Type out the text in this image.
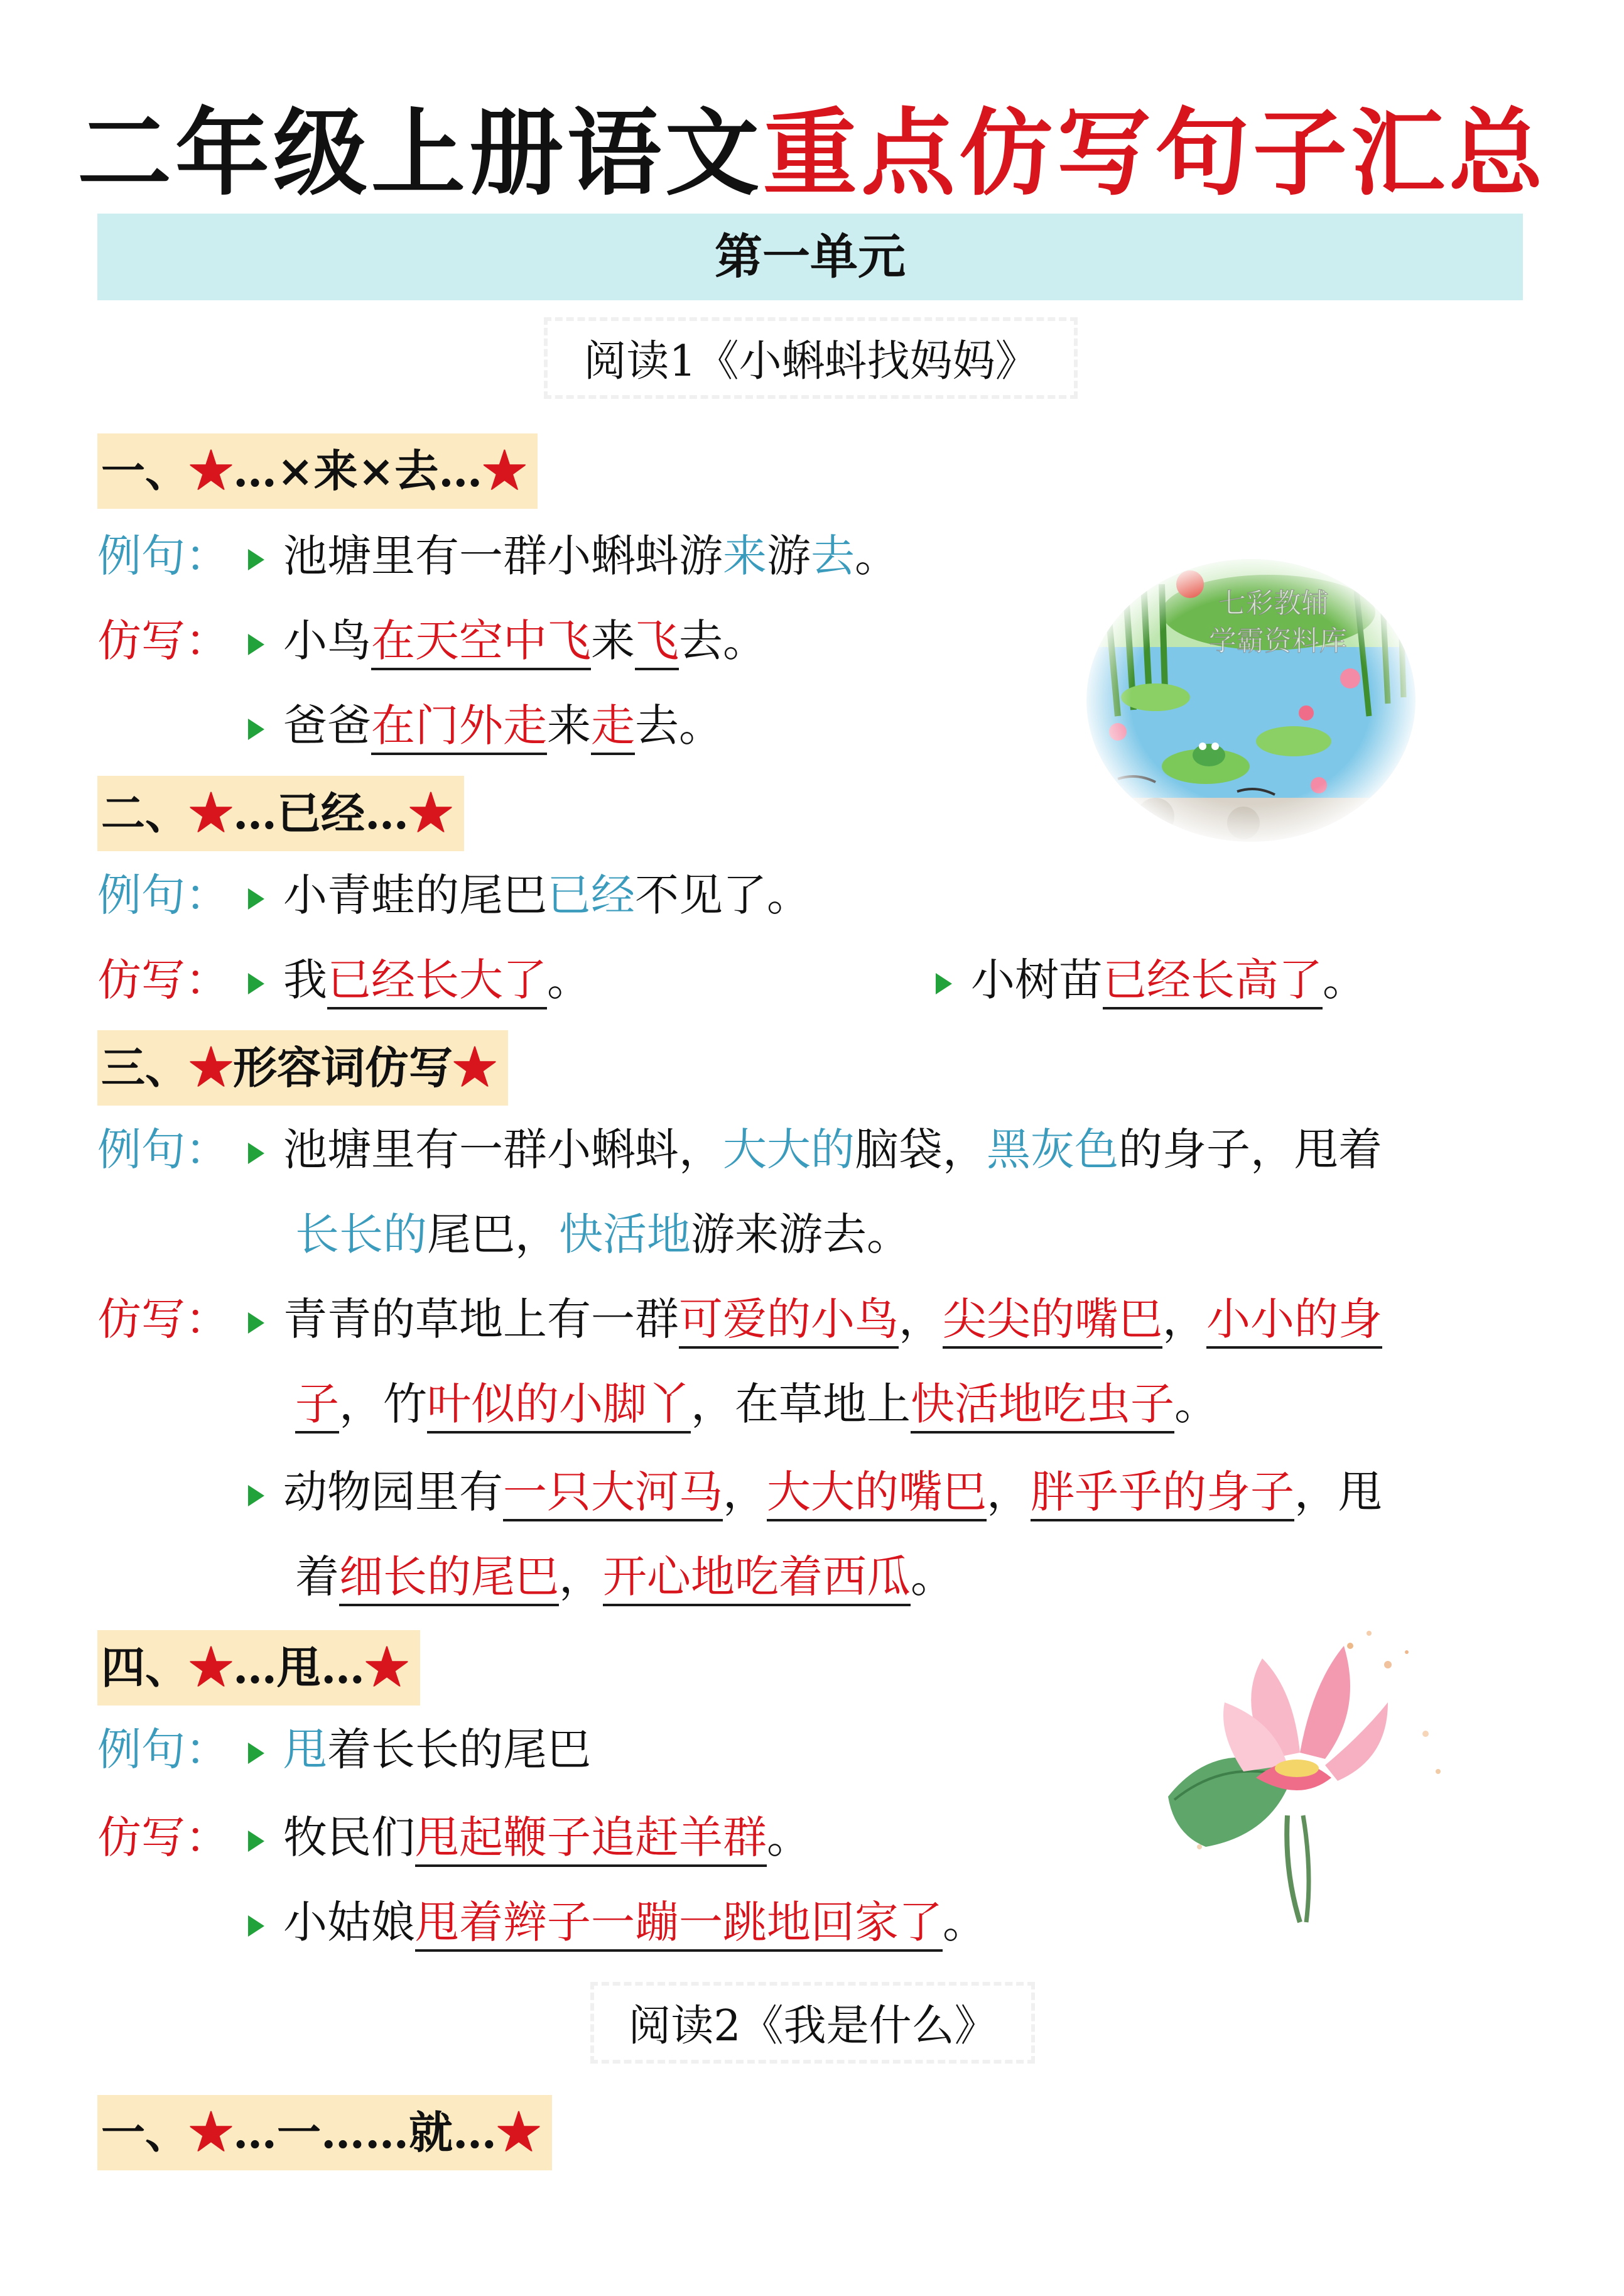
二年级上册语文重点仿写句子汇总
第一单元
阅读1《小蝌蚪找妈妈》
一、★…×来×去…★
例句：	池塘里有一群小蝌蚪游来游去。
仿写：	小鸟在天空中飞来飞去。
爸爸在门外走来走去。
七彩教辅
学霸资料库
二、★…已经…★
例句：	小青蛙的尾巴已经不见了。
仿写：	我已经长大了。	小树苗已经长高了。
三、★形容词仿写★
例句：	池塘里有一群小蝌蚪，大大的脑袋，黑灰色的身子，甩着
长长的尾巴，快活地游来游去。
仿写：	青青的草地上有一群可爱的小鸟，尖尖的嘴巴，小小的身
子，竹叶似的小脚丫，在草地上快活地吃虫子。
动物园里有一只大河马，大大的嘴巴，胖乎乎的身子，甩
着细长的尾巴，开心地吃着西瓜。
四、★…甩…★
例句：	甩着长长的尾巴
仿写：	牧民们甩起鞭子追赶羊群。
小姑娘甩着辫子一蹦一跳地回家了。
阅读2《我是什么》
一、★…一……就…★
